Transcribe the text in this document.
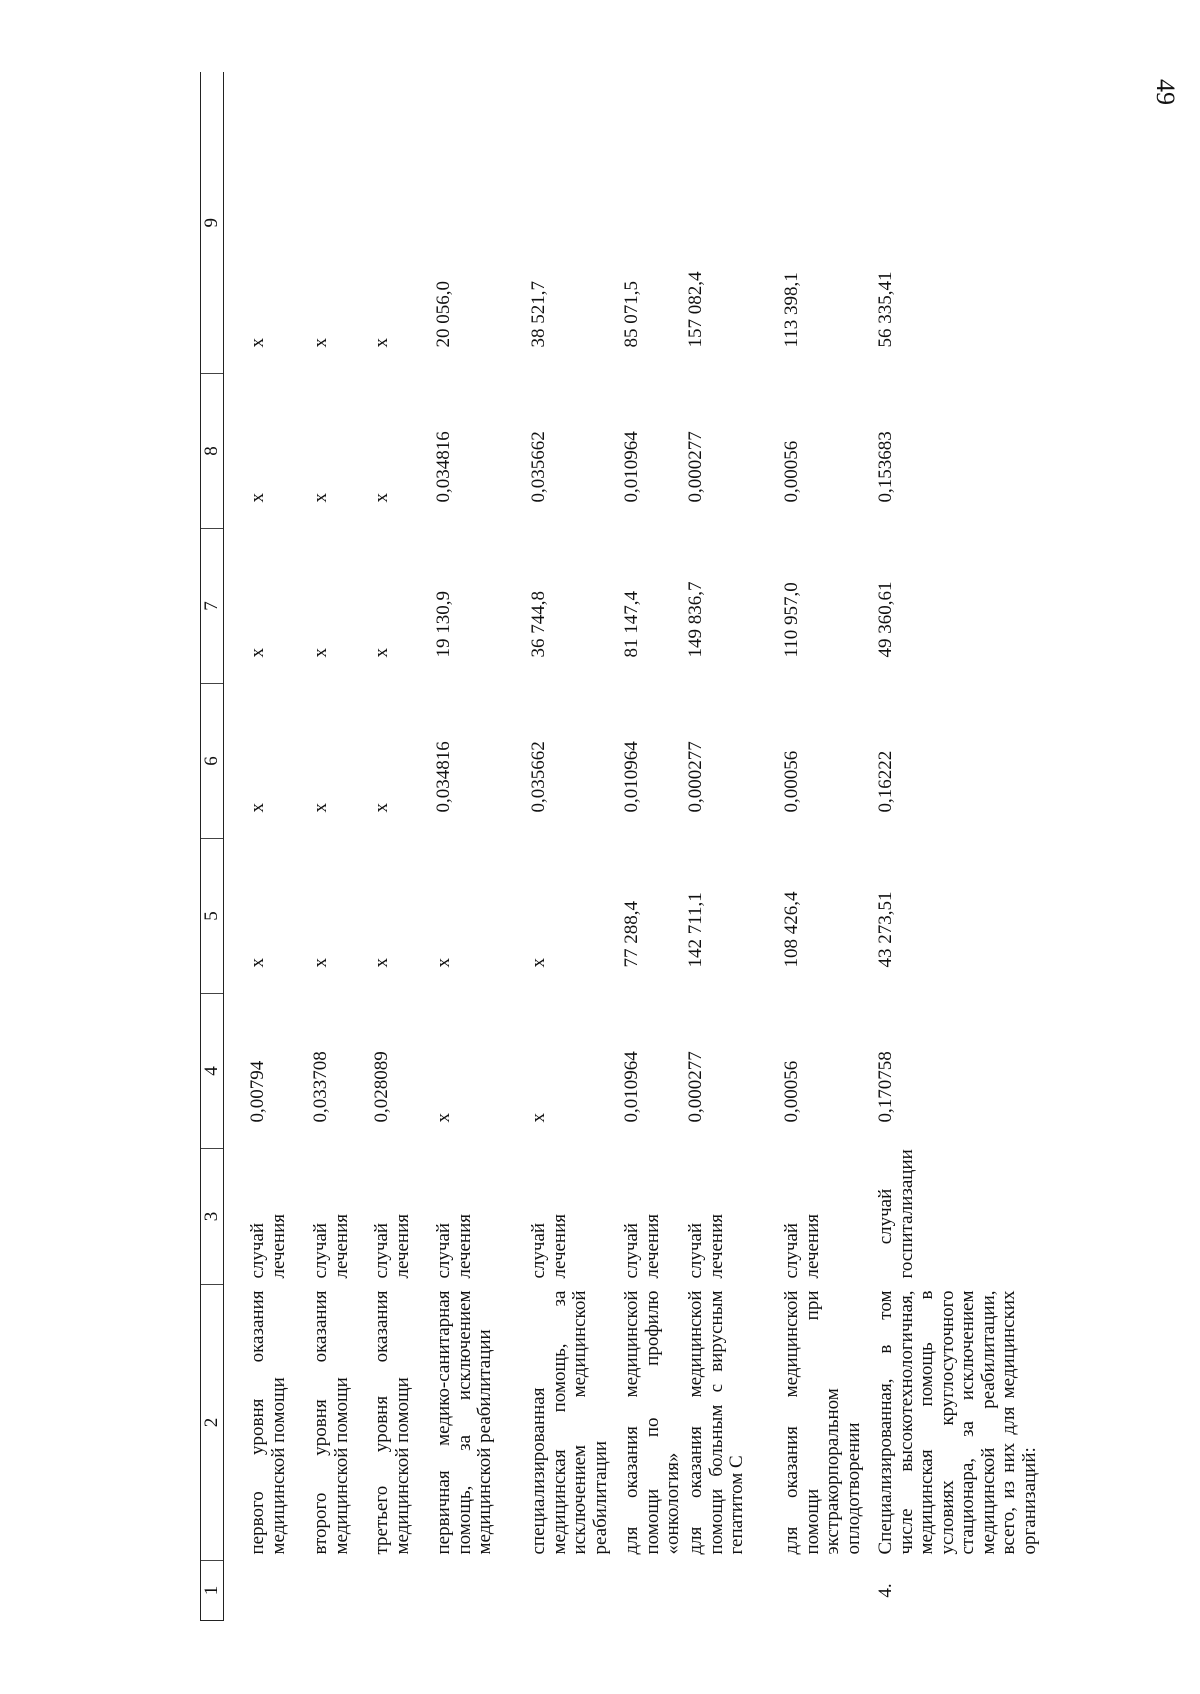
49
1	2	3	4	5	6	7	8	9
	первого уровня оказания медицинской помощи	случай лечения	0,00794	х	х	х	х	х
	второго уровня оказания медицинской помощи	случай лечения	0,033708	х	х	х	х	х
	третьего уровня оказания медицинской помощи	случай лечения	0,028089	х	х	х	х	х
	первичная медико-санитарная помощь, за исключением медицинской реабилитации	случай лечения	х	х	0,034816	19 130,9	0,034816	20 056,0
	специализированная медицинская помощь, за исключением медицинской реабилитации	случай лечения	х	х	0,035662	36 744,8	0,035662	38 521,7
	для оказания медицинской помощи по профилю «онкология»	случай лечения	0,010964	77 288,4	0,010964	81 147,4	0,010964	85 071,5
	для оказания медицинской помощи больным с вирусным гепатитом С	случай лечения	0,000277	142 711,1	0,000277	149 836,7	0,000277	157 082,4
	для оказания медицинской помощи при экстракорпоральном оплодотворении	случай лечения	0,00056	108 426,4	0,00056	110 957,0	0,00056	113 398,1
4.	Специализированная, в том числе высокотехнологичная, медицинская помощь в условиях круглосуточного стационара, за исключением медицинской реабилитации, всего, из них для медицинских организаций:	случай госпитализации	0,170758	43 273,51	0,16222	49 360,61	0,153683	56 335,41
